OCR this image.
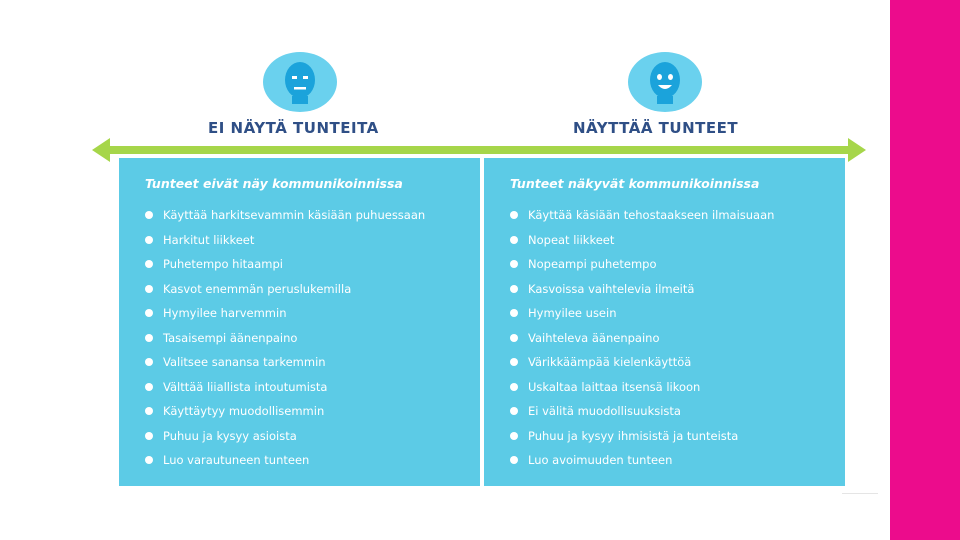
EI NÄYTÄ TUNTEITA	NÄYTTÄÄ TUNTEET
Tunteet eivät näy kommunikoinnissa
Käyttää harkitsevammin käsiään puhuessaan
Harkitut liikkeet
Puhetempo hitaampi
Kasvot enemmän peruslukemilla
Hymyilee harvemmin
Tasaisempi äänenpaino
Valitsee sanansa tarkemmin
Välttää liiallista intoutumista
Käyttäytyy muodollisemmin
Puhuu ja kysyy asioista
Luo varautuneen tunteen
Tunteet näkyvät kommunikoinnissa
Käyttää käsiään tehostaakseen ilmaisuaan
Nopeat liikkeet
Nopeampi puhetempo
Kasvoissa vaihtelevia ilmeitä
Hymyilee usein
Vaihteleva äänenpaino
Värikkäämpää kielenkäyttöä
Uskaltaa laittaa itsensä likoon
Ei välitä muodollisuuksista
Puhuu ja kysyy ihmisistä ja tunteista
Luo avoimuuden tunteen
